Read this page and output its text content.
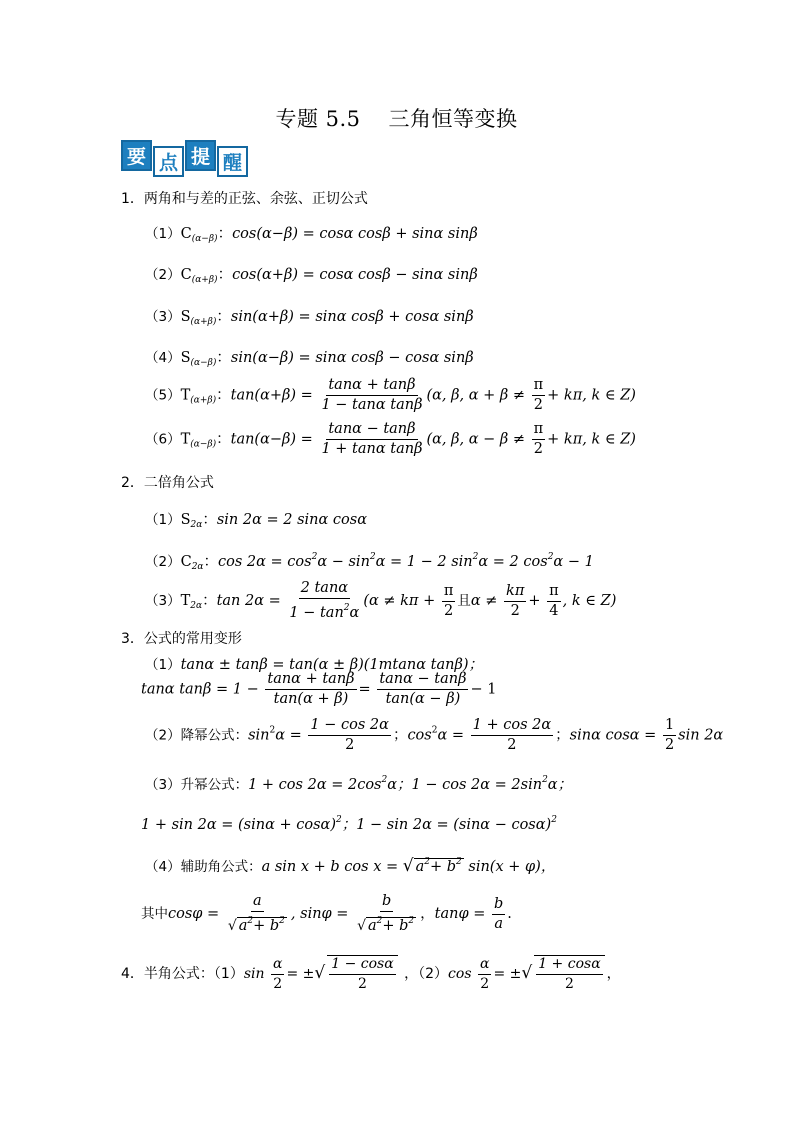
专题 5.5 三角恒等变换
要 点 提 醒
1．两角和与差的正弦、余弦、正切公式
$(1)C_{(\alpha-\beta)}$：cos(α−β) = cosα cosβ + sinα sinβ
$(2)C_{(\alpha+\beta)}$：cos(α+β) = cosα cosβ − sinα sinβ
$(3)S_{(\alpha+\beta)}$：sin(α+β) = sinα cosβ + cosα sinβ
$(4)S_{(\alpha-\beta)}$：sin(α−β) = sinα cosβ − cosα sinβ
$(5)T_{(\alpha+\beta)}$：$\tan(\alpha+\beta) = \frac{\tan\alpha + \tan\beta}{\text{1 − tanα tanβ}} (\alpha$, β, $\alpha + \beta \ne \frac{\pi}{2} + k\pi$, k ∈ Z)
$(6)T_{(\alpha-\beta)}$：$\tan(\alpha-\beta) = \frac{\tan\alpha - \tan\beta}{\text{1 + tanα tanβ}} (\alpha$, β, $\alpha - \beta \ne \frac{\pi}{2} + k\pi$, k ∈ Z)
2．二倍角公式
$(1)S_{2\alpha}$：sin 2α = 2 sinα cosα
$(2)C_{2\alpha}$：$\cos 2\alpha = \cos^2\alpha - \sin^2\alpha = 1 - 2$ $\sin^2\alpha = 2$ $\cos^2\alpha - 1$
$(3)T_{2\alpha}$：$\tan 2\alpha = \frac{2 \tan\alpha}{1 - \tan^2\alpha} (\alpha \ne k\pi + \frac{\pi}{2}$ 且$\alpha \ne \frac{k\pi}{2} + \frac{\pi}{4}$ , k ∈ Z)
3．公式的常用变形
（1）tanα ± tanβ = tan(α ± β)(1mtanα tanβ)；
tanα $\tan\beta = 1 - \frac{\tan\alpha + \tan\beta}{\tan(\alpha + \beta)} = \frac{\tan\alpha - \tan\beta}{\tan(\alpha - \beta)} - 1$
（2）降幂公式：$\sin^2\alpha = \frac{1 - \cos 2\alpha}{2}$ ；$\cos^2\alpha = \frac{1 + \cos 2\alpha}{2}$ ；sinα $\cos\alpha = \frac{1}{2}$ sin 2α
（3）升幂公式：$1 + \cos 2\alpha = 2\cos^2\alpha$；$1 - \cos 2\alpha = 2\sin^2\alpha$；
$1 + \sin 2\alpha = (\sin\alpha + \cos\alpha)^2$；$1 - \sin 2\alpha = (\sin\alpha - \cos\alpha)^2$
（4）辅助角公式：a sin x + b cos x = √ $a^2+ b^2$ sin(x + φ)，
其中$\cos\varphi = \frac{a}{√ a^2+ b^2}$ , $\sin\varphi = \frac{b}{√ a^2+ b^2}$ ，$\tan\varphi = \frac{b}{a}$ .
4．半角公式：$(1)\sin \frac{\alpha}{2}$ = ±√ $\frac{1 - \cos\alpha}{2}$ ，$(2)\cos \frac{\alpha}{2}$ = ±√ $\frac{1 + \cos\alpha}{2}$ ，
